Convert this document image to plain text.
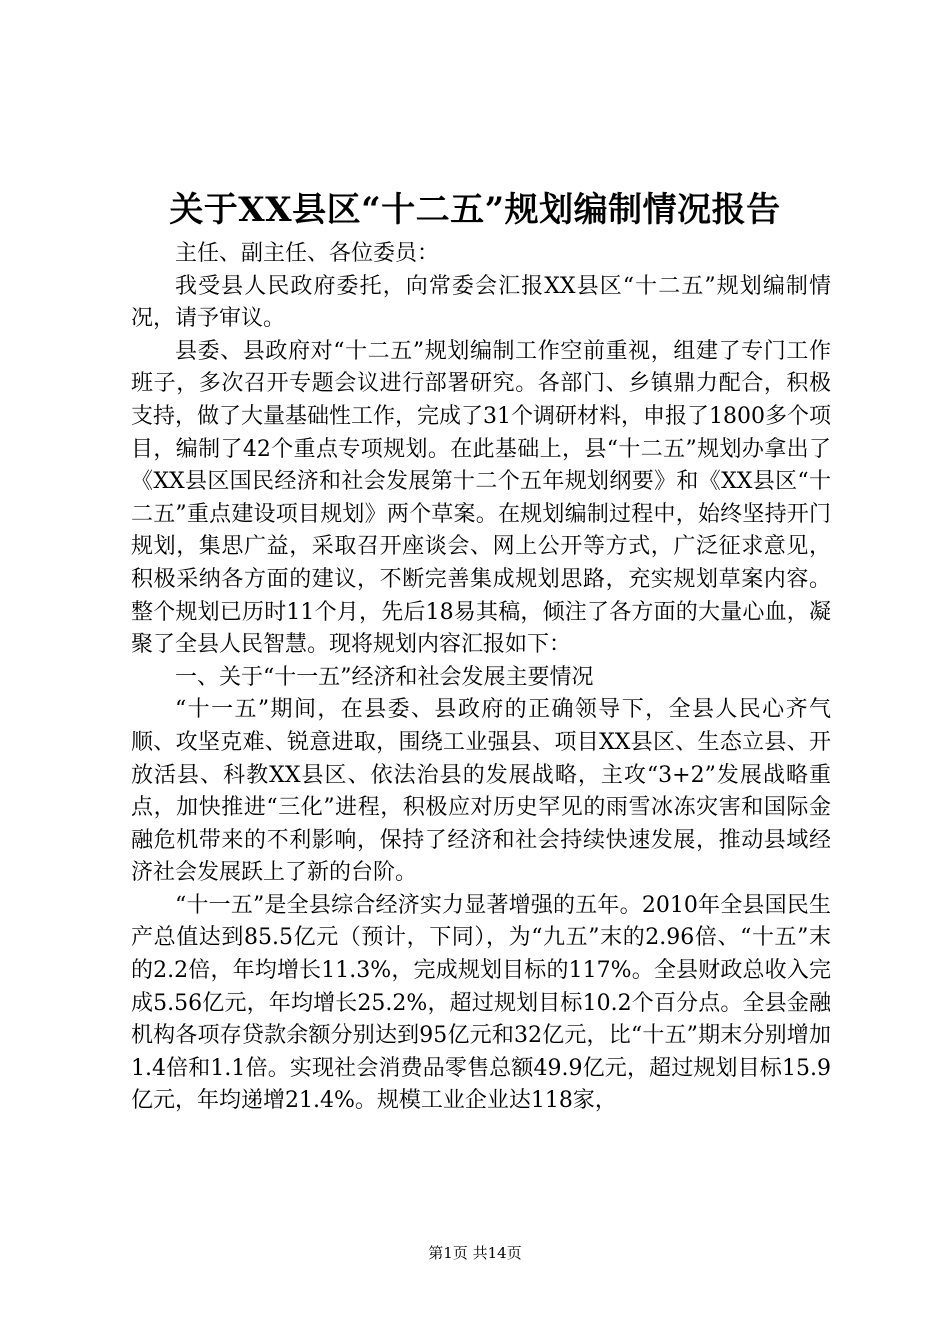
关于XX县区“十二五”规划编制情况报告

主任、副主任、各位委员：

我受县人民政府委托，向常委会汇报XX县区“十二五”规划编制情况，请予审议。

县委、县政府对“十二五”规划编制工作空前重视，组建了专门工作班子，多次召开专题会议进行部署研究。各部门、乡镇鼎力配合，积极支持，做了大量基础性工作，完成了31个调研材料，申报了1800多个项目，编制了42个重点专项规划。在此基础上，县“十二五”规划办拿出了《XX县区国民经济和社会发展第十二个五年规划纲要》和《XX县区“十二五”重点建设项目规划》两个草案。在规划编制过程中，始终坚持开门规划，集思广益，采取召开座谈会、网上公开等方式，广泛征求意见，积极采纳各方面的建议，不断完善集成规划思路，充实规划草案内容。整个规划已历时11个月，先后18易其稿，倾注了各方面的大量心血，凝聚了全县人民智慧。现将规划内容汇报如下：

一、关于“十一五”经济和社会发展主要情况

“十一五”期间，在县委、县政府的正确领导下，全县人民心齐气顺、攻坚克难、锐意进取，围绕工业强县、项目XX县区、生态立县、开放活县、科教XX县区、依法治县的发展战略，主攻“3+2”发展战略重点，加快推进“三化”进程，积极应对历史罕见的雨雪冰冻灾害和国际金融危机带来的不利影响，保持了经济和社会持续快速发展，推动县域经济社会发展跃上了新的台阶。

“十一五”是全县综合经济实力显著增强的五年。2010年全县国民生产总值达到85.5亿元（预计，下同），为“九五”末的2.96倍、“十五”末的2.2倍，年均增长11.3%，完成规划目标的117%。全县财政总收入完成5.56亿元，年均增长25.2%，超过规划目标10.2个百分点。全县金融机构各项存贷款余额分别达到95亿元和32亿元，比“十五”期末分别增加1.4倍和1.1倍。实现社会消费品零售总额49.9亿元，超过规划目标15.9亿元，年均递增21.4%。规模工业企业达118家，

第1页 共14页
